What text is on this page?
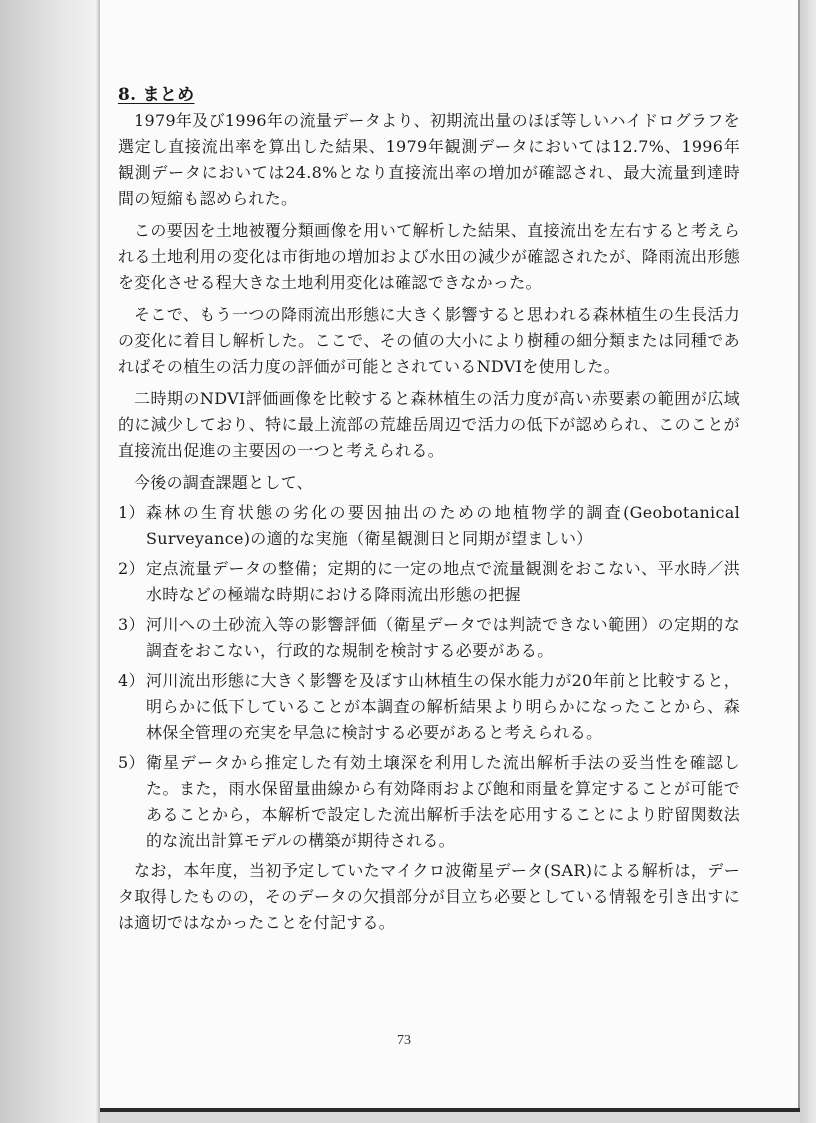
8. まとめ

1979年及び1996年の流量データより、初期流出量のほぼ等しいハイドログラフを選定し直接流出率を算出した結果、1979年観測データにおいては12.7%、1996年観測データにおいては24.8%となり直接流出率の増加が確認され、最大流量到達時間の短縮も認められた。

この要因を土地被覆分類画像を用いて解析した結果、直接流出を左右すると考えられる土地利用の変化は市街地の増加および水田の減少が確認されたが、降雨流出形態を変化させる程大きな土地利用変化は確認できなかった。

そこで、もう一つの降雨流出形態に大きく影響すると思われる森林植生の生長活力の変化に着目し解析した。ここで、その値の大小により樹種の細分類または同種であればその植生の活力度の評価が可能とされているNDVIを使用した。

二時期のNDVI評価画像を比較すると森林植生の活力度が高い赤要素の範囲が広域的に減少しており、特に最上流部の荒雄岳周辺で活力の低下が認められ、このことが直接流出促進の主要因の一つと考えられる。

今後の調査課題として、

1） 森林の生育状態の劣化の要因抽出のための地植物学的調査(Geobotanical Surveyance)の適的な実施（衛星観測日と同期が望ましい）
2） 定点流量データの整備；定期的に一定の地点で流量観測をおこない、平水時／洪水時などの極端な時期における降雨流出形態の把握
3） 河川への土砂流入等の影響評価（衛星データでは判読できない範囲）の定期的な調査をおこない，行政的な規制を検討する必要がある。
4） 河川流出形態に大きく影響を及ぼす山林植生の保水能力が20年前と比較すると，明らかに低下していることが本調査の解析結果より明らかになったことから、森林保全管理の充実を早急に検討する必要があると考えられる。
5） 衛星データから推定した有効土壌深を利用した流出解析手法の妥当性を確認した。また，雨水保留量曲線から有効降雨および飽和雨量を算定することが可能であることから，本解析で設定した流出解析手法を応用することにより貯留関数法的な流出計算モデルの構築が期待される。

なお，本年度，当初予定していたマイクロ波衛星データ(SAR)による解析は，データ取得したものの，そのデータの欠損部分が目立ち必要としている情報を引き出すには適切ではなかったことを付記する。

73
